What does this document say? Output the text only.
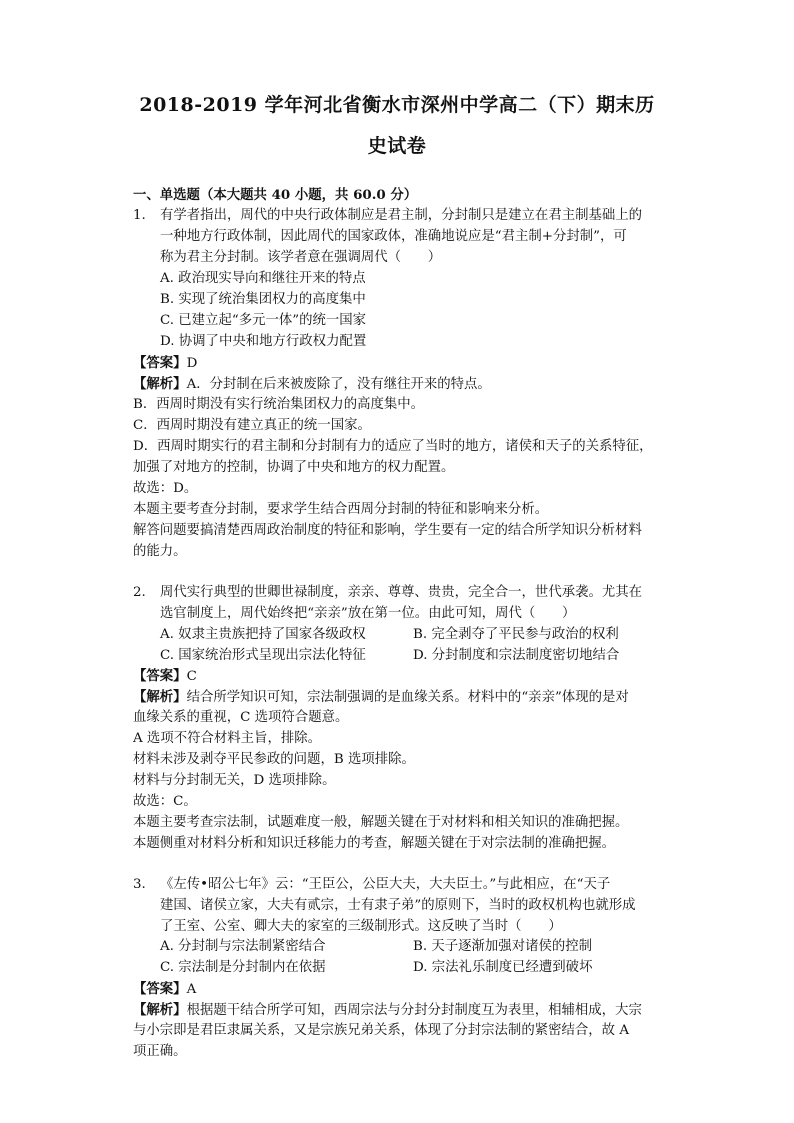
2018-2019 学年河北省衡水市深州中学高二（下）期末历
史试卷
一、单选题（本大题共 40 小题，共 60.0 分）
1. 有学者指出，周代的中央行政体制应是君主制，分封制只是建立在君主制基础上的
一种地方行政体制，因此周代的国家政体，准确地说应是“君主制+分封制”，可
称为君主分封制。该学者意在强调周代（　　）
A. 政治现实导向和继往开来的特点
B. 实现了统治集团权力的高度集中
C. 已建立起“多元一体”的统一国家
D. 协调了中央和地方行政权力配置
【答案】D
【解析】A．分封制在后来被废除了，没有继往开来的特点。
B．西周时期没有实行统治集团权力的高度集中。
C．西周时期没有建立真正的统一国家。
D．西周时期实行的君主制和分封制有力的适应了当时的地方，诸侯和天子的关系特征，
加强了对地方的控制，协调了中央和地方的权力配置。
故选：D。
本题主要考查分封制，要求学生结合西周分封制的特征和影响来分析。
解答问题要搞清楚西周政治制度的特征和影响，学生要有一定的结合所学知识分析材料
的能力。
2. 周代实行典型的世卿世禄制度，亲亲、尊尊、贵贵，完全合一，世代承袭。尤其在
选官制度上，周代始终把“亲亲”放在第一位。由此可知，周代（　　）
A. 奴隶主贵族把持了国家各级政权	B. 完全剥夺了平民参与政治的权利
C. 国家统治形式呈现出宗法化特征	D. 分封制度和宗法制度密切地结合
【答案】C
【解析】结合所学知识可知，宗法制强调的是血缘关系。材料中的“亲亲”体现的是对
血缘关系的重视，C 选项符合题意。
A 选项不符合材料主旨，排除。
材料未涉及剥夺平民参政的问题，B 选项排除。
材料与分封制无关，D 选项排除。
故选：C。
本题主要考查宗法制，试题难度一般，解题关键在于对材料和相关知识的准确把握。
本题侧重对材料分析和知识迁移能力的考查，解题关键在于对宗法制的准确把握。
3. 《左传•昭公七年》云：“王臣公，公臣大夫，大夫臣士。”与此相应，在“天子
建国、诸侯立家，大夫有贰宗，士有隶子弟”的原则下，当时的政权机构也就形成
了王室、公室、卿大夫的家室的三级制形式。这反映了当时（　　）
A. 分封制与宗法制紧密结合	B. 天子逐渐加强对诸侯的控制
C. 宗法制是分封制内在依据	D. 宗法礼乐制度已经遭到破坏
【答案】A
【解析】根据题干结合所学可知，西周宗法与分封分封制度互为表里，相辅相成，大宗
与小宗即是君臣隶属关系，又是宗族兄弟关系，体现了分封宗法制的紧密结合，故 A
项正确。
